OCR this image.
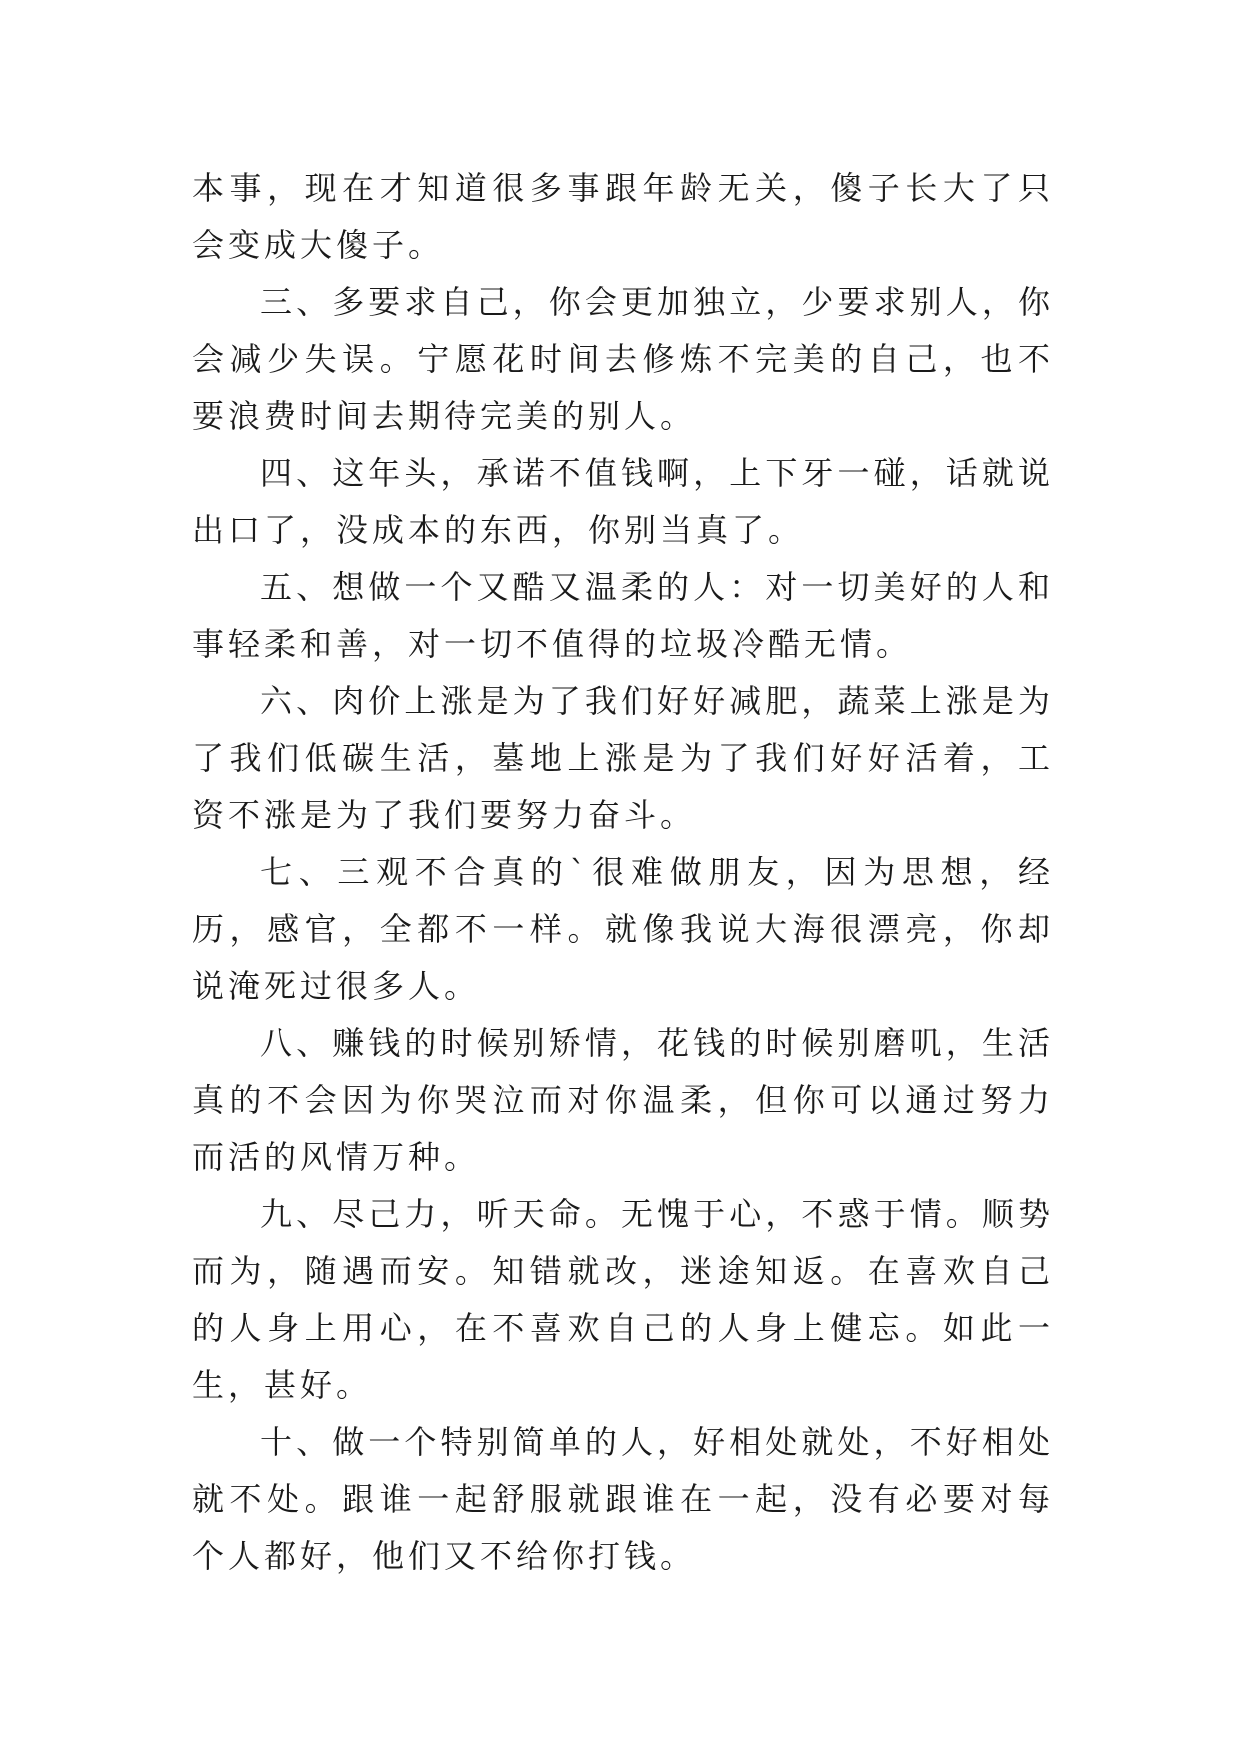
本事，现在才知道很多事跟年龄无关，傻子长大了只会变成大傻子。

三、多要求自己，你会更加独立，少要求别人，你会减少失误。宁愿花时间去修炼不完美的自己，也不要浪费时间去期待完美的别人。

四、这年头，承诺不值钱啊，上下牙一碰，话就说出口了，没成本的东西，你别当真了。

五、想做一个又酷又温柔的人：对一切美好的人和事轻柔和善，对一切不值得的垃圾冷酷无情。

六、肉价上涨是为了我们好好减肥，蔬菜上涨是为了我们低碳生活，墓地上涨是为了我们好好活着，工资不涨是为了我们要努力奋斗。

七、三观不合真的`很难做朋友，因为思想，经历，感官，全都不一样。就像我说大海很漂亮，你却说淹死过很多人。

八、赚钱的时候别矫情，花钱的时候别磨叽，生活真的不会因为你哭泣而对你温柔，但你可以通过努力而活的风情万种。

九、尽己力，听天命。无愧于心，不惑于情。顺势而为，随遇而安。知错就改，迷途知返。在喜欢自己的人身上用心，在不喜欢自己的人身上健忘。如此一生，甚好。

十、做一个特别简单的人，好相处就处，不好相处就不处。跟谁一起舒服就跟谁在一起，没有必要对每个人都好，他们又不给你打钱。
